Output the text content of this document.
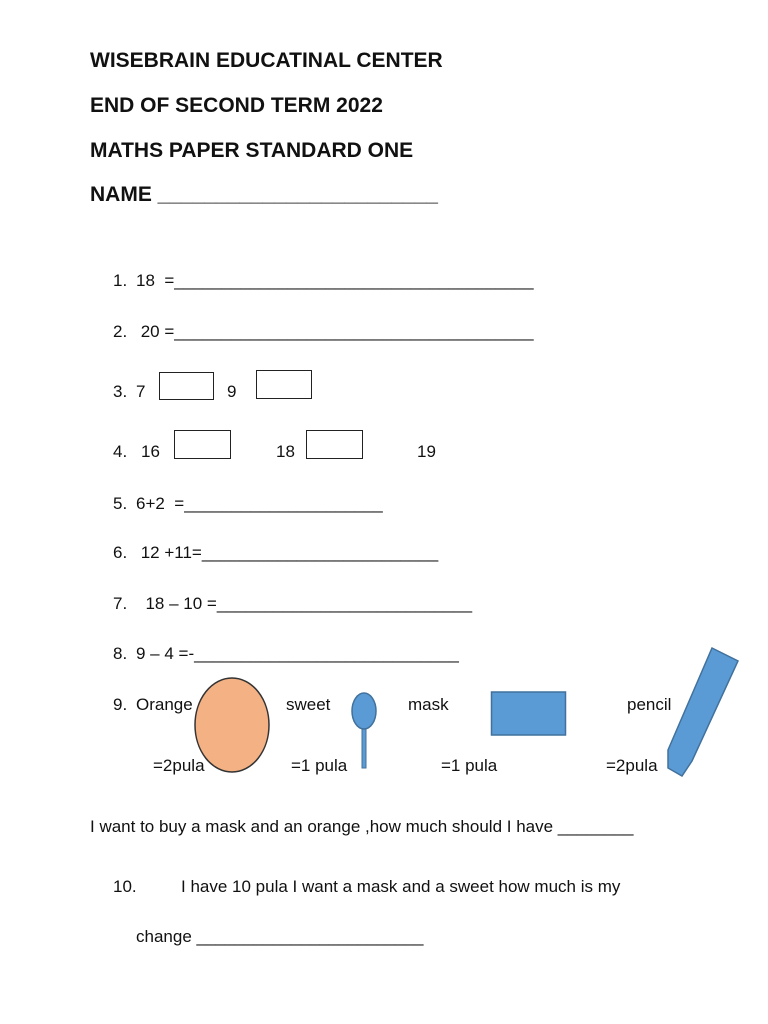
WISEBRAIN EDUCATINAL CENTER
END OF SECOND TERM 2022
MATHS PAPER STANDARD ONE
NAME ________________________
1. 18  =______________________________________
2. 20 =______________________________________
3. 7	9
4. 16	18	19
5. 6+2  =_____________________
6. 12 +11=_________________________
7. 18 – 10 =___________________________
8. 9 – 4 =-____________________________
9. Orange	sweet	mask	pencil
=2pula	=1 pula	=1 pula	=2pula
I want to buy a mask and an orange ,how much should I have ________
10.	I have 10 pula I want a mask and a sweet how much is my
change ________________________
